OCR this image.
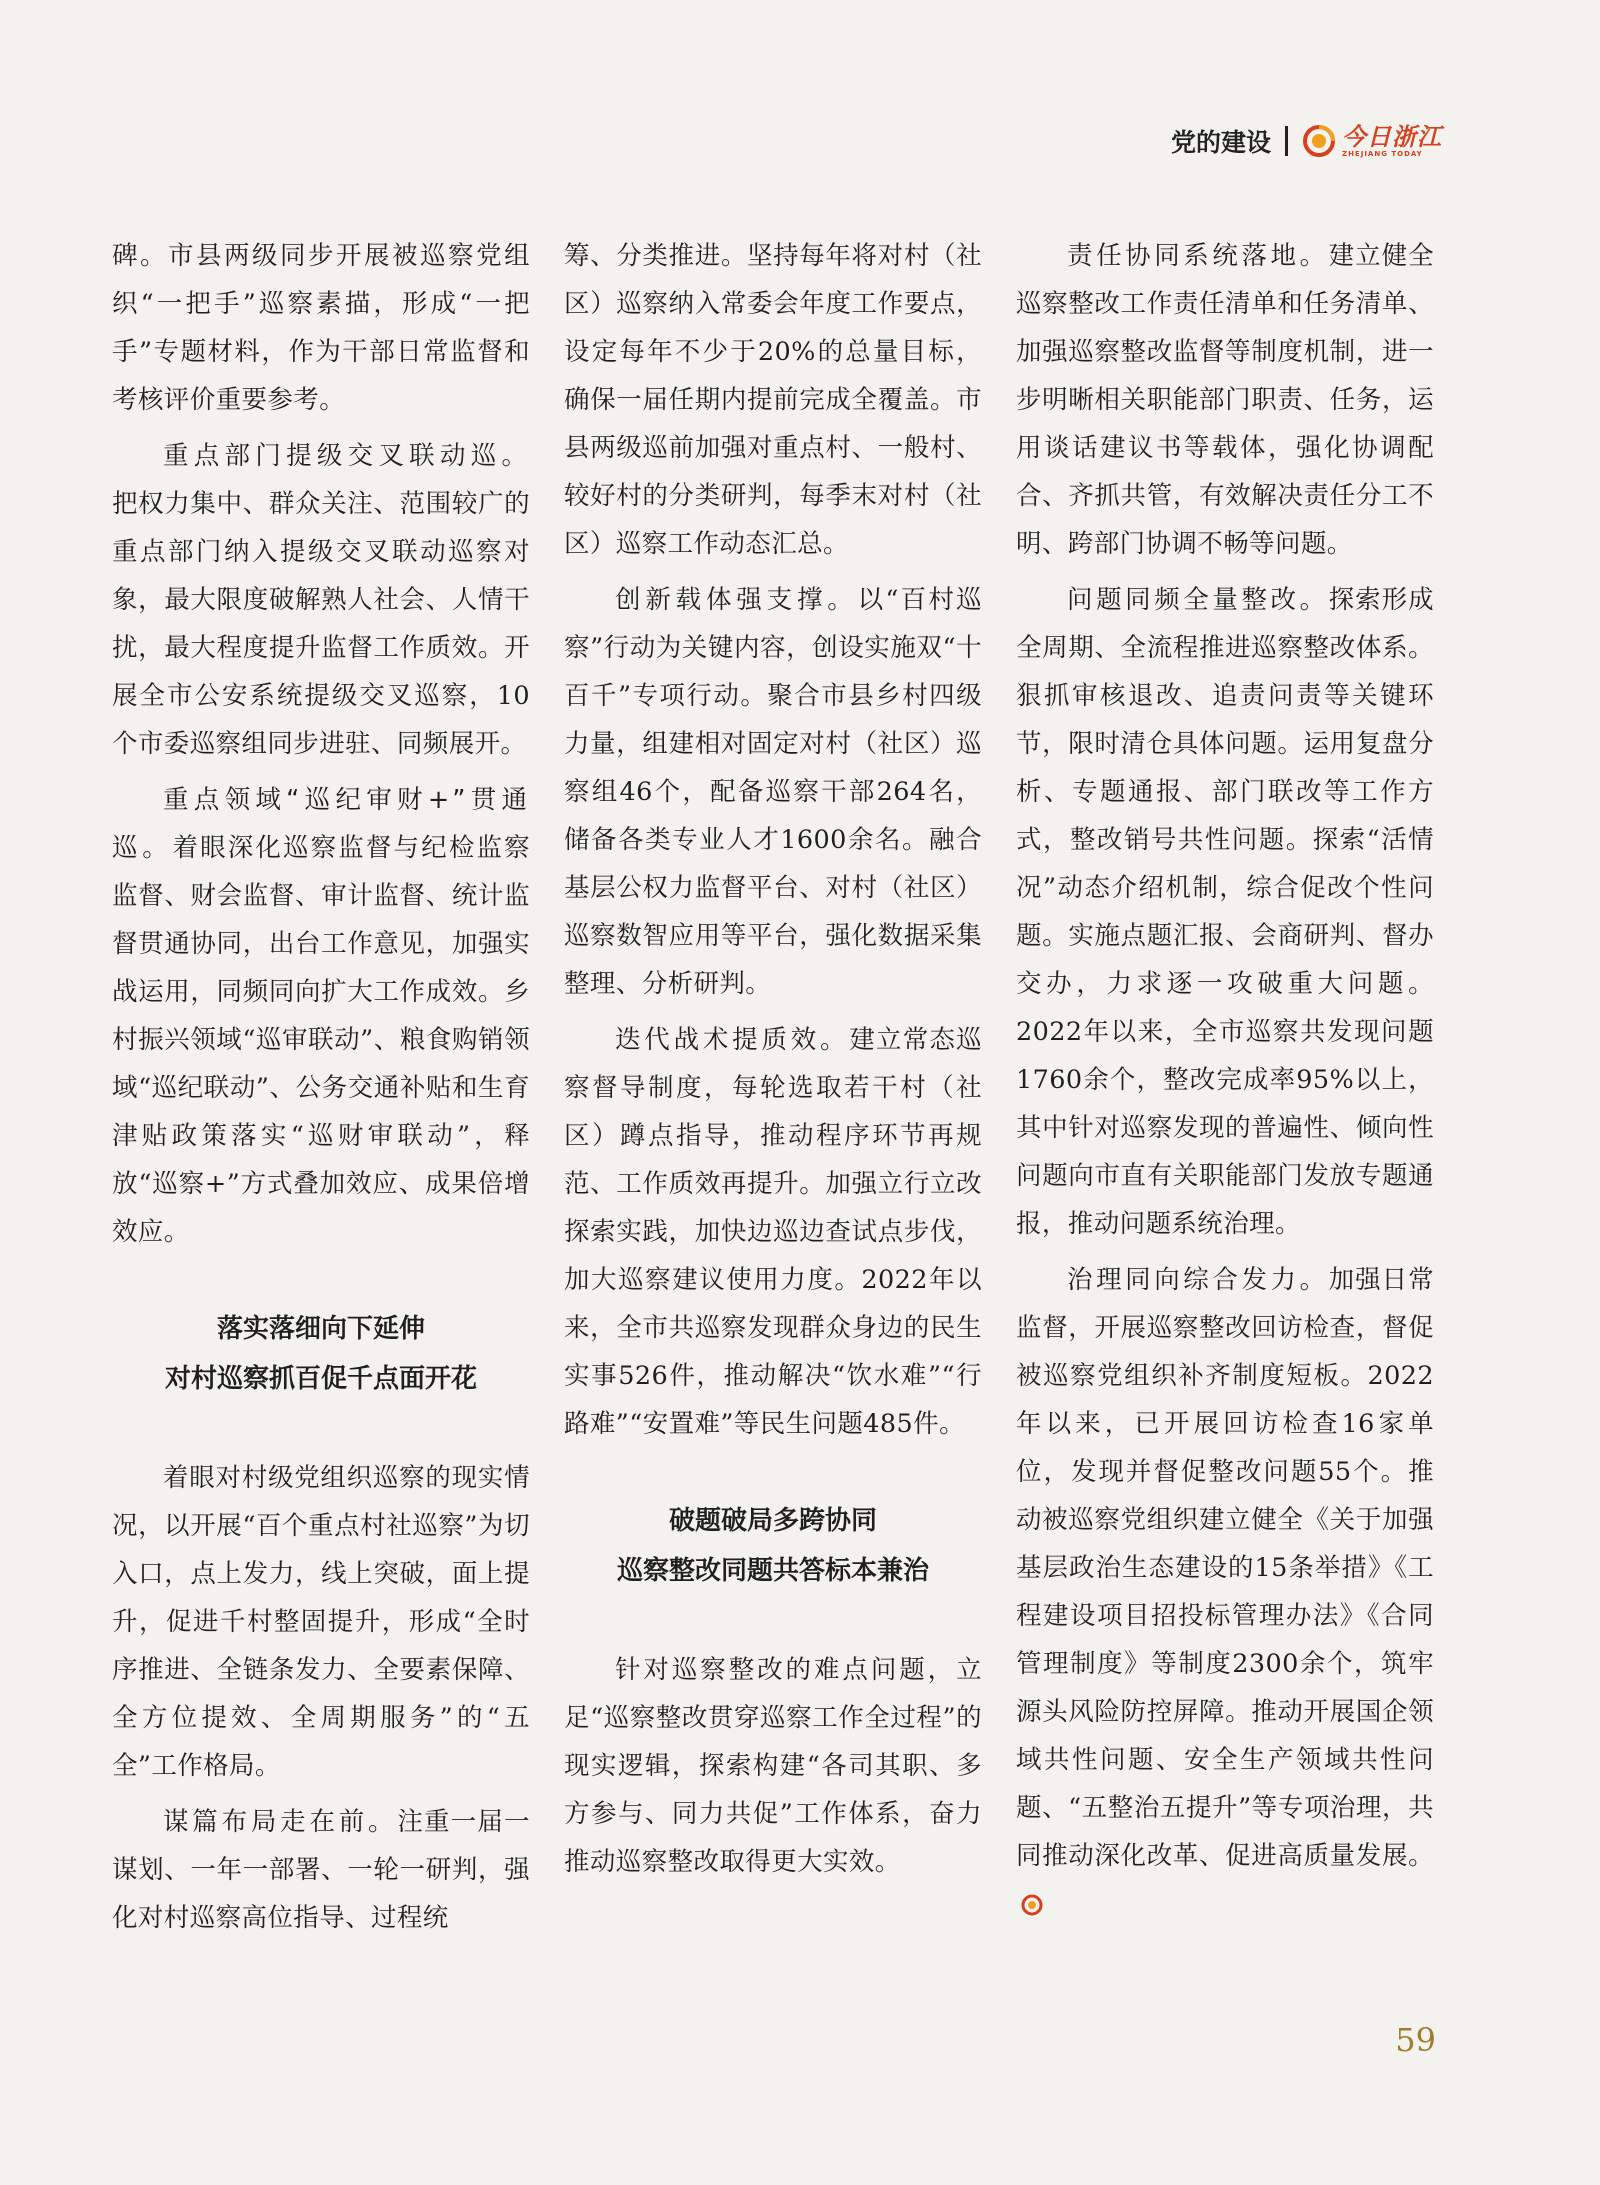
党的建设	今日浙江
ZHEJIANG TODAY

碑。市县两级同步开展被巡察党组织“一把手”巡察素描，形成“一把手”专题材料，作为干部日常监督和考核评价重要参考。

重点部门提级交叉联动巡。把权力集中、群众关注、范围较广的重点部门纳入提级交叉联动巡察对象，最大限度破解熟人社会、人情干扰，最大程度提升监督工作质效。开展全市公安系统提级交叉巡察，10个市委巡察组同步进驻、同频展开。

重点领域“巡纪审财+”贯通巡。着眼深化巡察监督与纪检监察监督、财会监督、审计监督、统计监督贯通协同，出台工作意见，加强实战运用，同频同向扩大工作成效。乡村振兴领域“巡审联动”、粮食购销领域“巡纪联动”、公务交通补贴和生育津贴政策落实“巡财审联动”，释放“巡察+”方式叠加效应、成果倍增效应。

落实落细向下延伸
对村巡察抓百促千点面开花

着眼对村级党组织巡察的现实情况，以开展“百个重点村社巡察”为切入口，点上发力，线上突破，面上提升，促进千村整固提升，形成“全时序推进、全链条发力、全要素保障、全方位提效、全周期服务”的“五全”工作格局。

谋篇布局走在前。注重一届一谋划、一年一部署、一轮一研判，强化对村巡察高位指导、过程统

筹、分类推进。坚持每年将对村（社区）巡察纳入常委会年度工作要点，设定每年不少于20%的总量目标，确保一届任期内提前完成全覆盖。市县两级巡前加强对重点村、一般村、较好村的分类研判，每季末对村（社区）巡察工作动态汇总。

创新载体强支撑。以“百村巡察”行动为关键内容，创设实施双“十百千”专项行动。聚合市县乡村四级力量，组建相对固定对村（社区）巡察组46个，配备巡察干部264名，储备各类专业人才1600余名。融合基层公权力监督平台、对村（社区）巡察数智应用等平台，强化数据采集整理、分析研判。

迭代战术提质效。建立常态巡察督导制度，每轮选取若干村（社区）蹲点指导，推动程序环节再规范、工作质效再提升。加强立行立改探索实践，加快边巡边查试点步伐，加大巡察建议使用力度。2022年以来，全市共巡察发现群众身边的民生实事526件，推动解决“饮水难”“行路难”“安置难”等民生问题485件。

破题破局多跨协同
巡察整改同题共答标本兼治

针对巡察整改的难点问题，立足“巡察整改贯穿巡察工作全过程”的现实逻辑，探索构建“各司其职、多方参与、同力共促”工作体系，奋力推动巡察整改取得更大实效。

责任协同系统落地。建立健全巡察整改工作责任清单和任务清单、加强巡察整改监督等制度机制，进一步明晰相关职能部门职责、任务，运用谈话建议书等载体，强化协调配合、齐抓共管，有效解决责任分工不明、跨部门协调不畅等问题。

问题同频全量整改。探索形成全周期、全流程推进巡察整改体系。狠抓审核退改、追责问责等关键环节，限时清仓具体问题。运用复盘分析、专题通报、部门联改等工作方式，整改销号共性问题。探索“活情况”动态介绍机制，综合促改个性问题。实施点题汇报、会商研判、督办交办，力求逐一攻破重大问题。2022年以来，全市巡察共发现问题1760余个，整改完成率95%以上，其中针对巡察发现的普遍性、倾向性问题向市直有关职能部门发放专题通报，推动问题系统治理。

治理同向综合发力。加强日常监督，开展巡察整改回访检查，督促被巡察党组织补齐制度短板。2022年以来，已开展回访检查16家单位，发现并督促整改问题55个。推动被巡察党组织建立健全《关于加强基层政治生态建设的15条举措》《工程建设项目招投标管理办法》《合同管理制度》等制度2300余个，筑牢源头风险防控屏障。推动开展国企领域共性问题、安全生产领域共性问题、“五整治五提升”等专项治理，共同推动深化改革、促进高质量发展。

59
